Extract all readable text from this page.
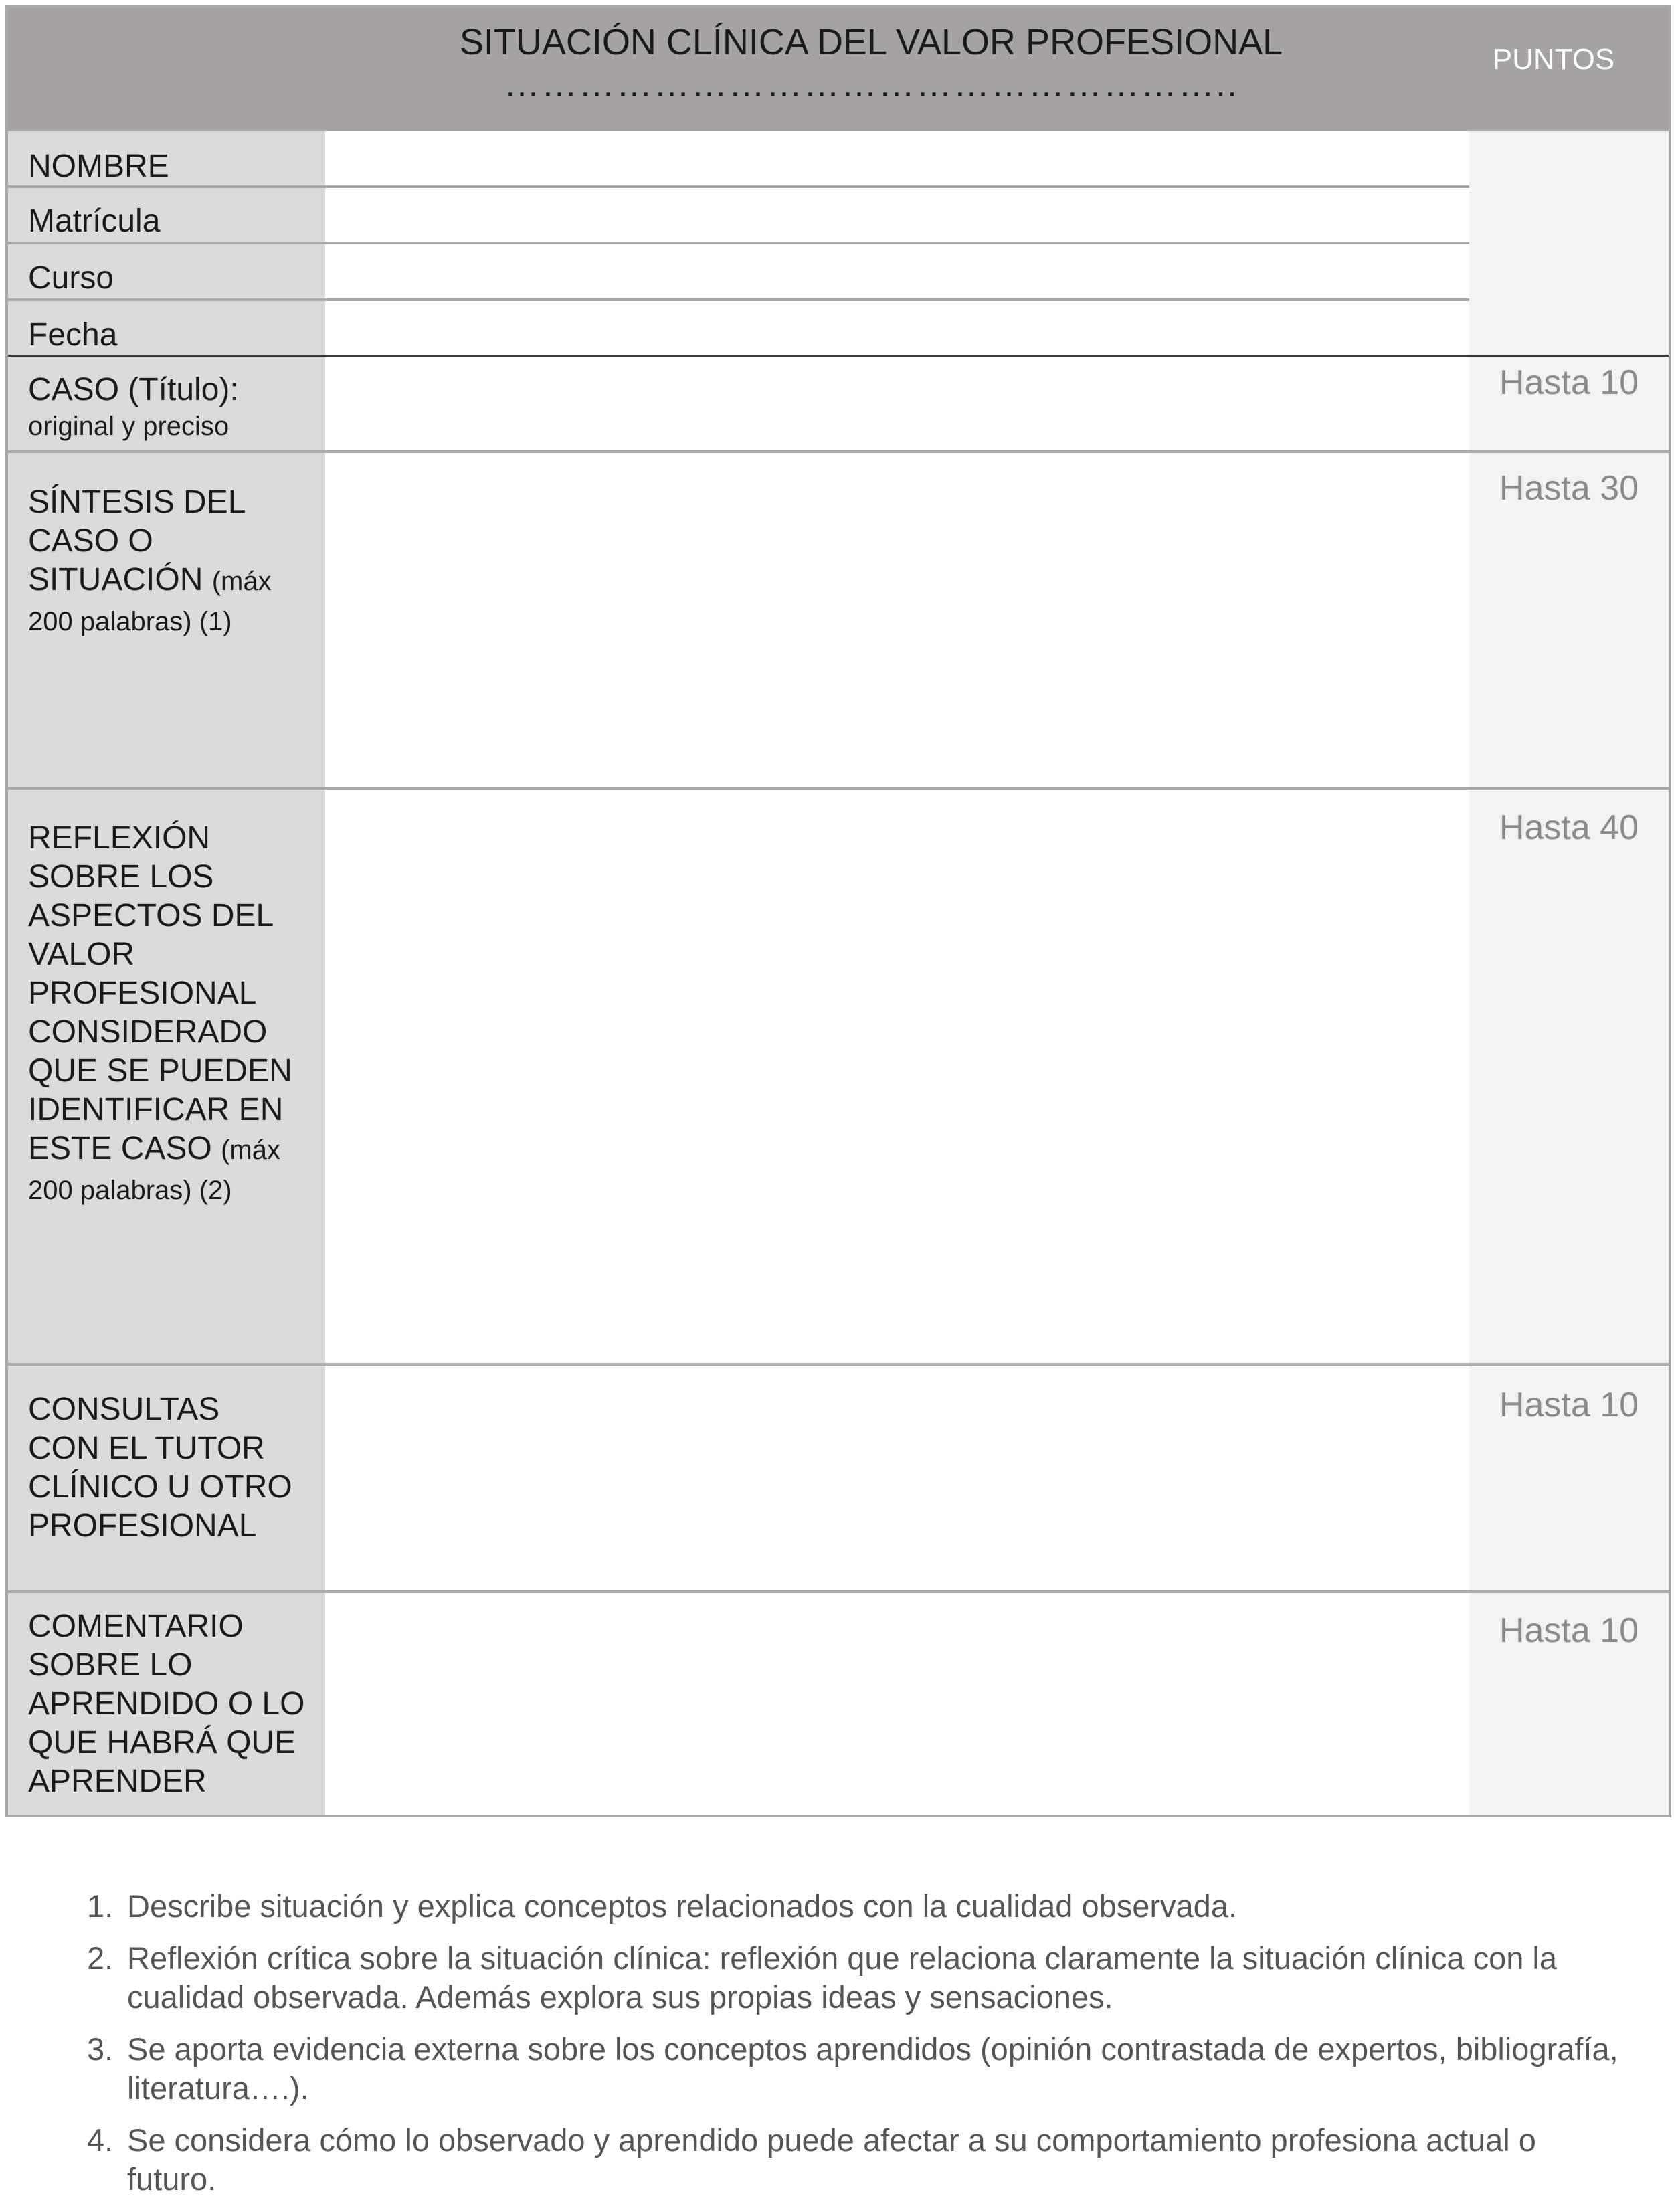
SITUACIÓN CLÍNICA DEL VALOR PROFESIONAL
…………………………………………………..
PUNTOS
NOMBRE
Matrícula
Curso
Fecha
CASO (Título):
original y preciso
SÍNTESIS DEL CASO O SITUACIÓN (máx 200 palabras) (1)
REFLEXIÓN SOBRE LOS ASPECTOS DEL VALOR PROFESIONAL CONSIDERADO QUE SE PUEDEN IDENTIFICAR EN ESTE CASO (máx 200 palabras) (2)
CONSULTAS CON EL TUTOR CLÍNICO U OTRO PROFESIONAL
COMENTARIO SOBRE LO APRENDIDO O LO QUE HABRÁ QUE APRENDER
Hasta 10
Hasta 30
Hasta 40
Hasta 10
Hasta 10
1. Describe situación y explica conceptos relacionados con la cualidad observada.
2. Reflexión crítica sobre la situación clínica: reflexión que relaciona claramente la situación clínica con la cualidad observada. Además explora sus propias ideas y sensaciones.
3. Se aporta evidencia externa sobre los conceptos aprendidos (opinión contrastada de expertos, bibliografía, literatura….).
4. Se considera cómo lo observado y aprendido puede afectar a su comportamiento profesiona actual o futuro.
